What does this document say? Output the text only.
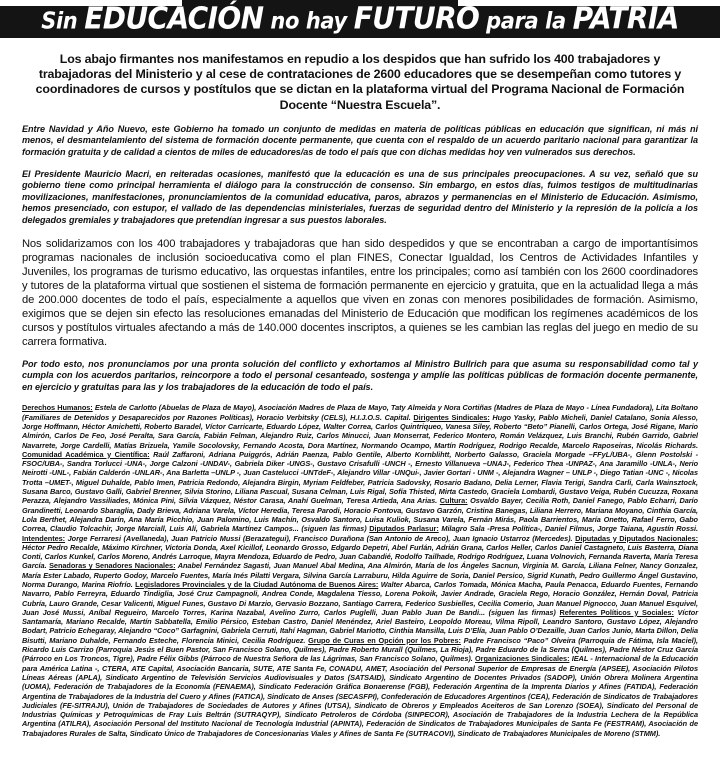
Sin EDUCACIÓN no hay FUTURO para la PATRIA

Los abajo firmantes nos manifestamos en repudio a los despidos que han sufrido los 400 trabajadores y trabajadoras del Ministerio y al cese de contrataciones de 2600 educadores que se desempeñan como tutores y coordinadores de cursos y postítulos que se dictan en la plataforma virtual del Programa Nacional de Formación Docente “Nuestra Escuela”.

Entre Navidad y Año Nuevo, este Gobierno ha tomado un conjunto de medidas en materia de políticas públicas en educación que significan, ni más ni menos, el desmantelamiento del sistema de formación docente permanente, que cuenta con el respaldo de un acuerdo paritario nacional para garantizar la formación gratuita y de calidad a cientos de miles de educadores/as de todo el país que con dichas medidas hoy ven vulnerados sus derechos.

El Presidente Mauricio Macri, en reiteradas ocasiones, manifestó que la educación es una de sus principales preocupaciones. A su vez, señaló que su gobierno tiene como principal herramienta el diálogo para la construcción de consenso. Sin embargo, en estos días, fuimos testigos de multitudinarias movilizaciones, manifestaciones, pronunciamientos de la comunidad educativa, paros, abrazos y permanencias en el Ministerio de Educación. Asimismo, hemos presenciado, con estupor, el vallado de las dependencias ministeriales, fuerzas de seguridad dentro del Ministerio y la represión de la policía a los delegados gremiales y trabajadores que pretendían ingresar a sus puestos laborales.

Nos solidarizamos con los 400 trabajadores y trabajadoras que han sido despedidos y que se encontraban a cargo de importantísimos programas nacionales de inclusión socioeducativa como el plan FINES, Conectar Igualdad, los Centros de Actividades Infantiles y Juveniles, los programas de turismo educativo, las orquestas infantiles, entre los principales; como así también con los 2600 coordinadores y tutores de la plataforma virtual que sostienen el sistema de formación permanente en ejercicio y gratuita, que en la actualidad llega a más de 200.000 docentes de todo el país, especialmente a aquellos que viven en zonas con menores posibilidades de formación. Asimismo, exigimos que se dejen sin efecto las resoluciones emanadas del Ministerio de Educación que modifican los regímenes académicos de los cursos y postítulos virtuales afectando a más de 140.000 docentes inscriptos, a quienes se les cambian las reglas del juego en medio de su carrera formativa.

Por todo esto, nos pronunciamos por una pronta solución del conflicto y exhortamos al Ministro Bullrich para que asuma su responsabilidad como tal y cumpla con los acuerdos paritarios, reincorpore a todo el personal cesanteado, sostenga y amplíe las políticas públicas de formación docente permanente, en ejercicio y gratuitas para las y los trabajadores de la educación de todo el país.

Derechos Humanos: Estela de Carlotto (Abuelas de Plaza de Mayo), Asociación Madres de Plaza de Mayo, Taty Almeida y Nora Cortiñas (Madres de Plaza de Mayo - Línea Fundadora), Lita Boltano (Familiares de Detenidos y Desaparecidos por Razones Políticas), Horacio Verbitsky (CELS), H.I.J.O.S. Capital. Dirigentes Sindicales: Hugo Yasky, Pablo Micheli, Daniel Catalano, Sonia Alesso, Jorge Hoffmann, Héctor Amichetti, Roberto Baradel, Víctor Carricarte, Eduardo López, Walter Correa, Carlos Quintriqueo, Vanesa Siley, Roberto “Beto” Pianelli, Carlos Ortega, José Rigane, Mario Almirón, Carlos De Feo, José Peralta, Sara García, Fabián Felman, Alejandro Ruiz, Carlos Minucci, Juan Monserrat, Federico Montero, Román Velázquez, Luis Branchi, Rubén Garrido, Gabriel Navarrete, Jorge Cardelli, Matías Brizuela, Yamile Socolovsky, Fernando Acosta, Dora Martínez, Normando Ocampo, Martín Rodríguez, Rodrigo Recalde, Marcelo Raposeiras, Nicolás Richards. Comunidad Académica y Científica: Raúl Zaffaroni, Adriana Puiggrós, Adrián Paenza, Pablo Gentile, Alberto Kornblihtt, Norberto Galasso, Graciela Morgade –FFyL/UBA-, Glenn Postolski -FSOC/UBA-, Sandra Torlucci -UNA-, Jorge Calzoni -UNDAV-, Gabriela Diker -UNGS-, Gustavo Crisafulli -UNCH -, Ernesto Villanueva –UNAJ-, Federico Thea -UNPAZ-, Ana Jaramillo -UNLA-, Nerio Neirotti -UNL-, Fabián Calderón -UNLAR-, Ana Barletta –UNLP -, Juan Castelucci -UNTdeF-, Alejandro Villar -UNQui-, Javier Gortari - UNM -, Alejandra Wagner – UNLP -, Diego Tatian -UNC -, Nicolas Trotta –UMET-, Miguel Duhalde, Pablo Imen, Patricia Redondo, Alejandra Birgin, Myriam Feldfeber, Patricia Sadovsky, Rosario Badano, Delia Lerner, Flavia Terigi, Sandra Carli, Carla Wainsztock, Susana Barco, Gustavo Galli, Gabriel Brenner, Silvia Storino, Liliana Pascual, Susana Celman, Luis Rigal, Sofía Thisted, Mirta Castedo, Graciela Lombardi, Gustavo Veiga, Rubén Cucuzza, Roxana Perazza, Alejandro Vassiliades, Mónica Pini, Silvia Vázquez, Néstor Carasa, Anahí Guelman, Teresa Artieda, Ana Arias. Cultura: Osvaldo Bayer, Cecilia Roth, Daniel Fanego, Pablo Echarri, Darío Grandinetti, Leonardo Sbaraglia, Dady Brieva, Adriana Varela, Víctor Heredia, Teresa Parodi, Horacio Fontova, Gustavo Garzón, Cristina Banegas, Liliana Herrero, Mariana Moyano, Cinthia García, Lola Berthet, Alejandra Darín, Ana María Picchio, Juan Palomino, Luis Machín, Osvaldo Santoro, Luisa Kuliok, Susana Varela, Fernán Mirás, Paola Barrientos, María Onetto, Rafael Ferro, Gabo Correa, Claudio Tolcachir, Jorge Marciall, Luis Alí, Gabriela Martínez Campos... (siguen las firmas) Diputados Parlasur: Milagro Sala -Presa Política-, Daniel Filmus, Jorge Taiana, Agustín Rossi. Intendentes: Jorge Ferraresi (Avellaneda), Juan Patricio Mussi (Berazategui), Francisco Durañona (San Antonio de Areco), Juan Ignacio Ustarroz (Mercedes). Diputadas y Diputados Nacionales: Héctor Pedro Recalde, Máximo Kirchner, Victoria Donda, Axel Kicillof, Leonardo Grosso, Edgardo Depetri, Abel Furlán, Adrián Grana, Carlos Heller, Carlos Daniel Castagneto, Luis Basterra, Diana Conti, Carlos Kunkel, Carlos Moreno, Andrés Larroque, Mayra Mendoza, Eduardo de Pedro, Juan Cabandié, Rodolfo Tailhade, Rodrigo Rodríguez, Luana Volnovich, Fernanda Raverta, María Teresa García. Senadoras y Senadores Nacionales: Anabel Fernández Sagasti, Juan Manuel Abal Medina, Ana Almirón, María de los Ángeles Sacnun, Virginia M. García, Liliana Felner, Nancy Gonzalez, María Ester Labado, Ruperto Godoy, Marcelo Fuentes, María Inés Pilatti Vergara, Silvina García Larraburu, Hilda Aguirre de Soria, Daniel Persico, Sigrid Kunath, Pedro Guillermo Ángel Gustavino, Norma Durango, Marina Riofrío. Legisladores Provinciales y de la Ciudad Autónoma de Buenos Aires: Walter Abarca, Carlos Tomada, Mónica Macha, Paula Penacca, Eduardo Fuentes, Fernando Navarro, Pablo Ferreyra, Eduardo Tindiglia, José Cruz Campagnoli, Andrea Conde, Magdalena Tiesso, Lorena Pokoik, Javier Andrade, Graciela Rego, Horacio González, Hernán Doval, Patricia Cubría, Lauro Grande, Cesar Valicenti, Miguel Funes, Gustavo Di Marzio, Gervasio Bozzano, Santiago Carrera, Federico Susbielles, Cecilia Comerio, Juan Manuel Pignocco, Juan Manuel Esquivel, Juan José Mussi, Aníbal Regueiro, Marcelo Torres, Karina Nazabal, Avelino Zurro, Carlos Puglelli, Juan Pablo Juan De Bandi... (siguen las firmas) Referentes Políticos y Sociales: Víctor Santamaría, Mariano Recalde, Martín Sabbatella, Emilio Pérsico, Esteban Castro, Daniel Menéndez, Ariel Basteiro, Leopoldo Moreau, Vilma Ripoll, Leandro Santoro, Gustavo López, Alejandro Bodart, Patricio Echegaray, Alejandro “Coco” Garfagnini, Gabriela Cerruti, Itahí Hagman, Gabriel Mariotto, Cinthia Mansilla, Luis D’Elía, Juan Pablo O’Dezaille, Juan Carlos Junio, Marta Dillon, Delia Bisutti, Mariano Duhalde, Fernando Esteche, Florencia Minici, Cecilia Rodríguez. Grupo de Curas en Opción por los Pobres: Padre Francisco “Paco” Olveira (Parroquia de Fátima, Isla Maciel), Ricardo Luis Carrizo (Parroquia Jesús el Buen Pastor, San Francisco Solano, Quilmes), Padre Roberto Murall (Quilmes, La Rioja), Padre Eduardo de la Serna (Quilmes), Padre Néstor Cruz García (Párroco en Los Troncos, Tigre), Padre Félix Gibbs (Párroco de Nuestra Señora de las Lágrimas, San Francisco Solano, Quilmes). Organizaciones Sindicales: IEAL - Internacional de la Educación para América Latina -, CTERA, ATE Capital, Asociación Bancaria, SUTE, ATE Santa Fe, CONADU, AMET, Asociación del Personal Superior de Empresas de Energía (APSEE), Asociación Pilotos Líneas Aéreas (APLA), Sindicato Argentino de Televisión Servicios Audiovisuales y Datos (SATSAID), Sindicato Argentino de Docentes Privados (SADOP), Unión Obrera Molinera Argentina (UOMA), Federación de Trabajadores de la Economía (FENAEMA), Sindicato Federación Gráfica Bonaerense (FGB), Federación Argentina de la Imprenta Diarios y Afines (FATIDA), Federación Argentina de Trabajadores de la Industria del Cuero y Afines (FATICA), Sindicato de Anses (SECASFPI), Confederación de Educadores Argentinos (CEA), Federación de Sindicatos de Trabajadores Judiciales (FE-SITRAJU), Unión de Trabajadores de Sociedades de Autores y Afines (UTSA), Sindicato de Obreros y Empleados Aceiteros de San Lorenzo (SOEA), Sindicato del Personal de Industrias Químicas y Petroquímicas de Fray Luis Beltrán (SUTRAQYP), Sindicato Petroleros de Córdoba (SINPECOR), Asociación de Trabajadores de la Industria Lechera de la República Argentina (ATILRA), Asociación Personal del Instituto Nacional de Tecnología Industrial (APINTA), Federación de Sindicatos de Trabajadores Municipales de Santa Fe (FESTRAM), Asociación de Trabajadores Rurales de Salta, Sindicato Único de Trabajadores de Concesionarias Viales y Afines de Santa Fe (SUTRACOVI), Sindicato de Trabajadores Municipales de Moreno (STMM).
